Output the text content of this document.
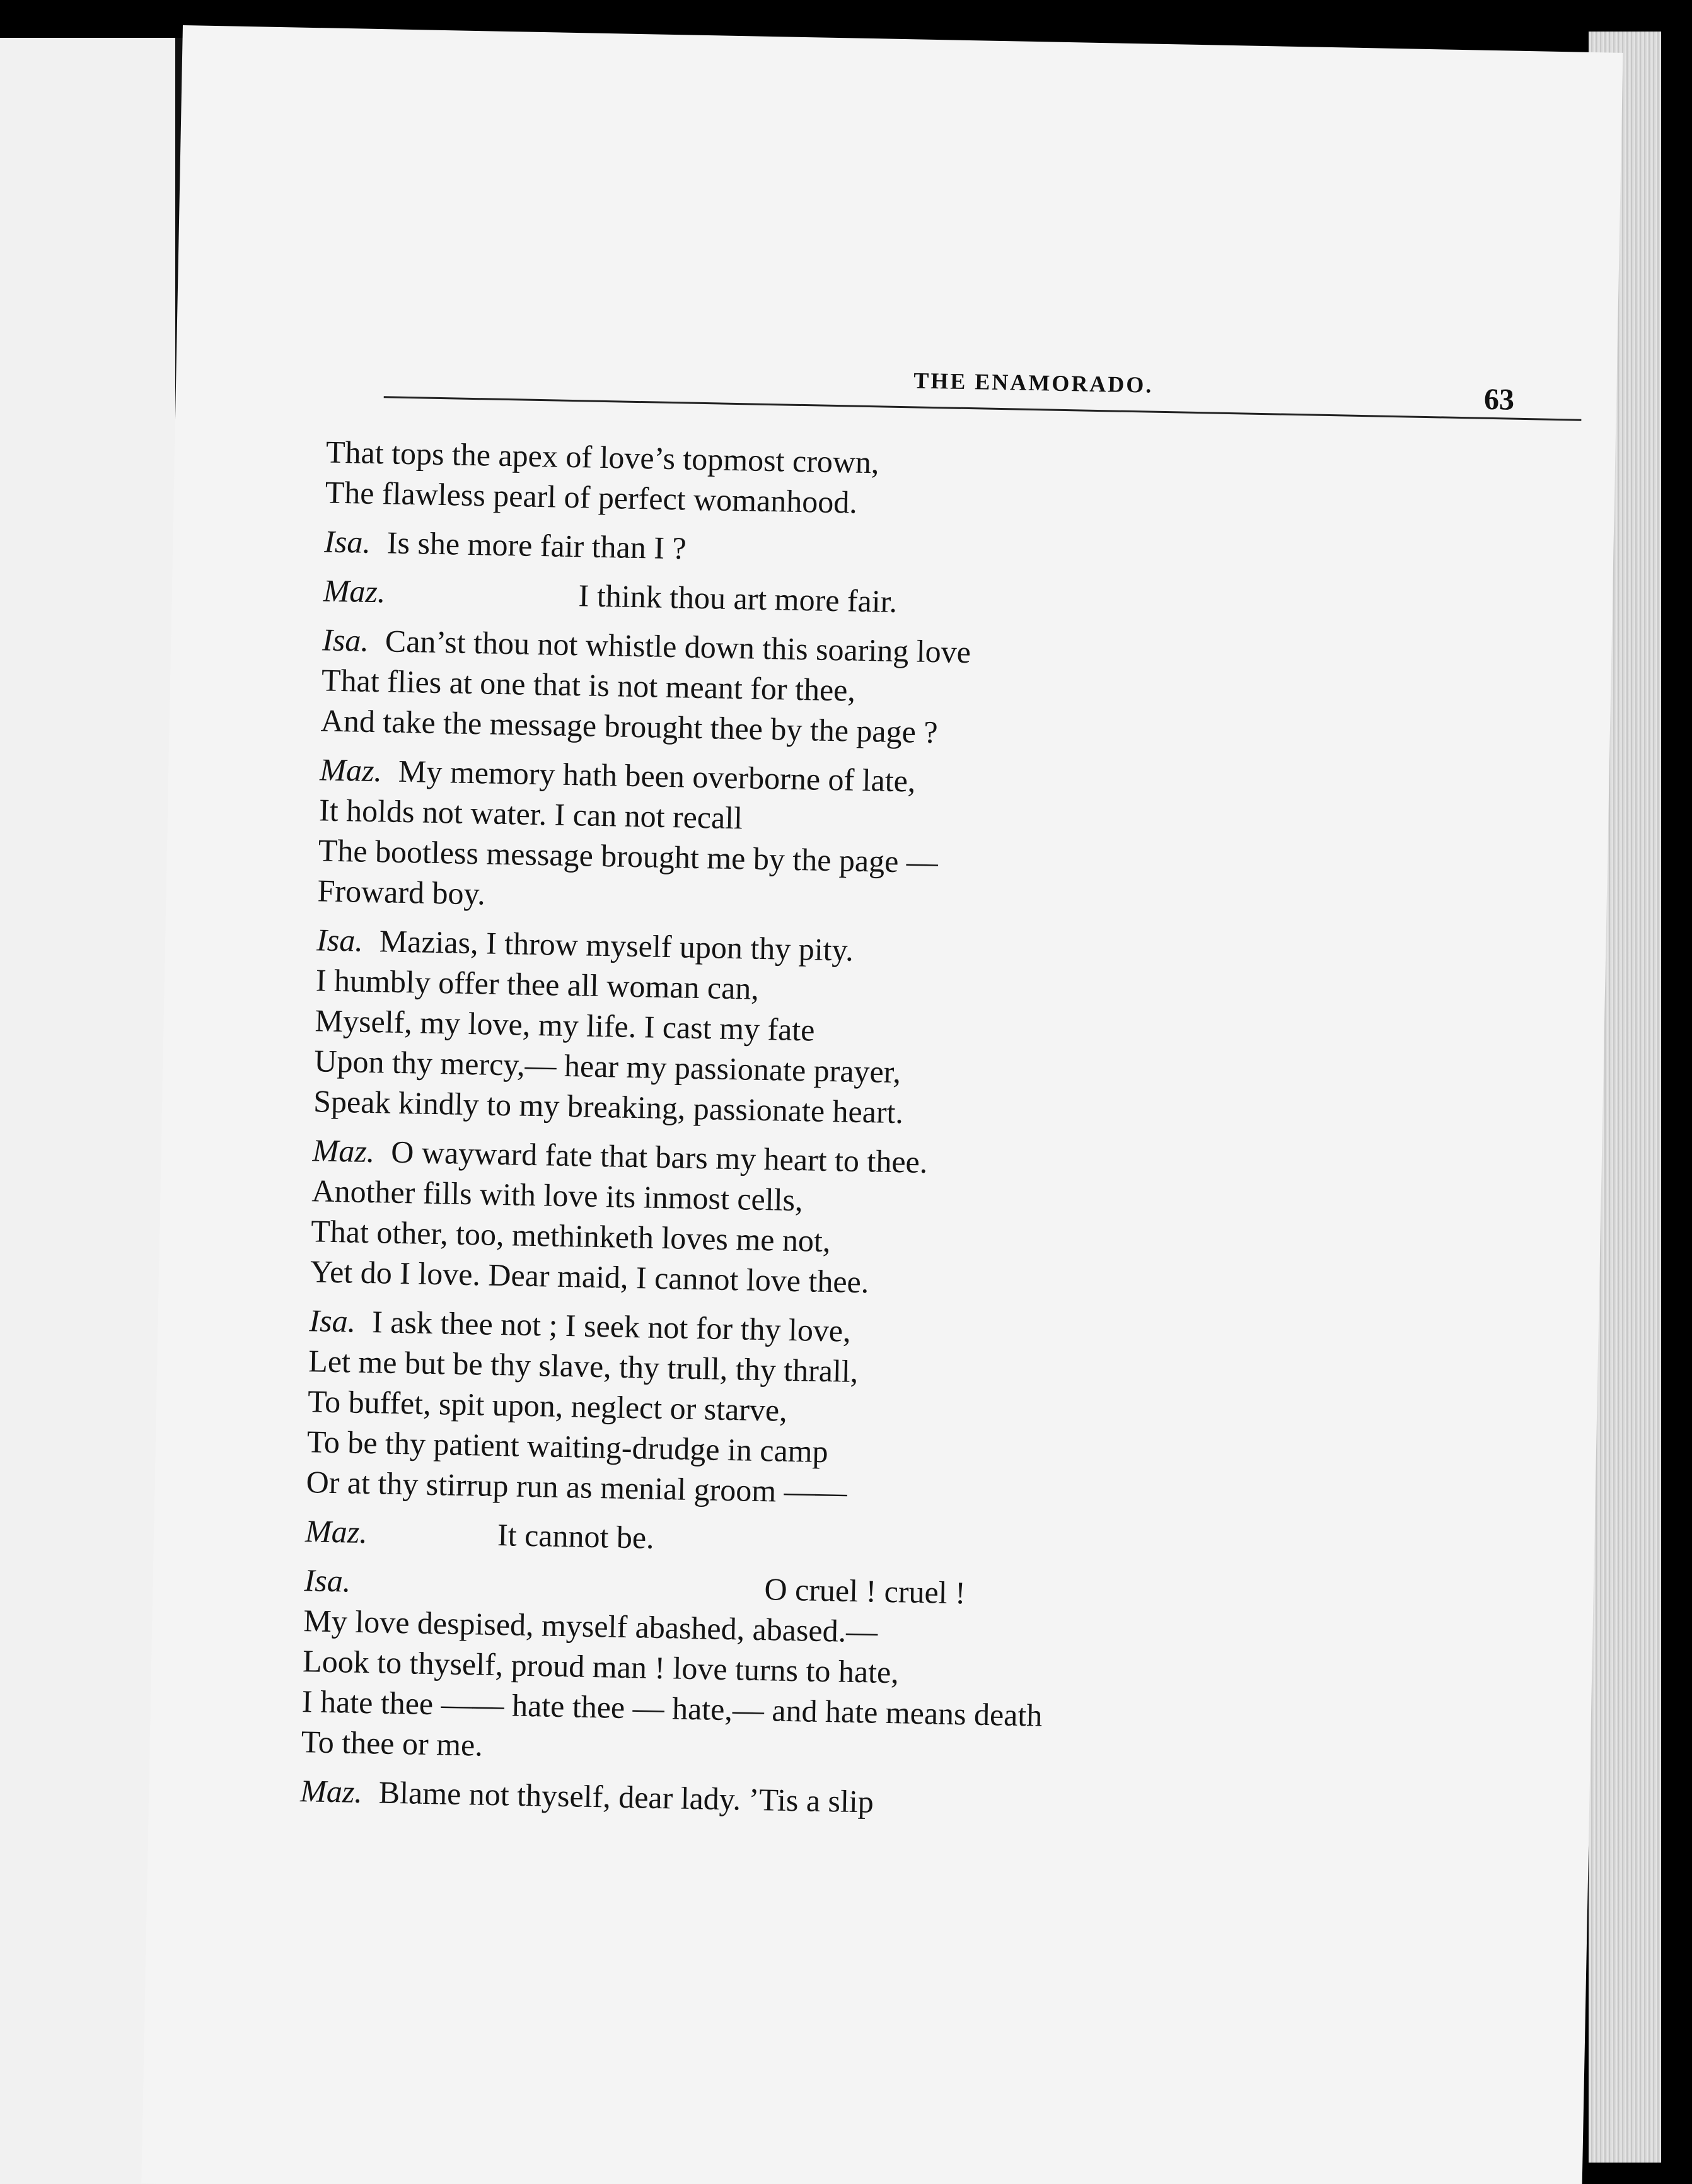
THE ENAMORADO.	63
That tops the apex of love’s topmost crown,
The flawless pearl of perfect womanhood.
Isa. Is she more fair than I ?
Maz.	I think thou art more fair.
Isa. Can’st thou not whistle down this soaring love
That flies at one that is not meant for thee,
And take the message brought thee by the page ?
Maz. My memory hath been overborne of late,
It holds not water. I can not recall
The bootless message brought me by the page —
Froward boy.
Isa. Mazias, I throw myself upon thy pity.
I humbly offer thee all woman can,
Myself, my love, my life. I cast my fate
Upon thy mercy,— hear my passionate prayer,
Speak kindly to my breaking, passionate heart.
Maz. O wayward fate that bars my heart to thee.
Another fills with love its inmost cells,
That other, too, methinketh loves me not,
Yet do I love. Dear maid, I cannot love thee.
Isa. I ask thee not ; I seek not for thy love,
Let me but be thy slave, thy trull, thy thrall,
To buffet, spit upon, neglect or starve,
To be thy patient waiting-drudge in camp
Or at thy stirrup run as menial groom ——
Maz.	It cannot be.
Isa.	O cruel ! cruel !
My love despised, myself abashed, abased.—
Look to thyself, proud man ! love turns to hate,
I hate thee —— hate thee — hate,— and hate means death
To thee or me.
Maz. Blame not thyself, dear lady. ’Tis a slip
